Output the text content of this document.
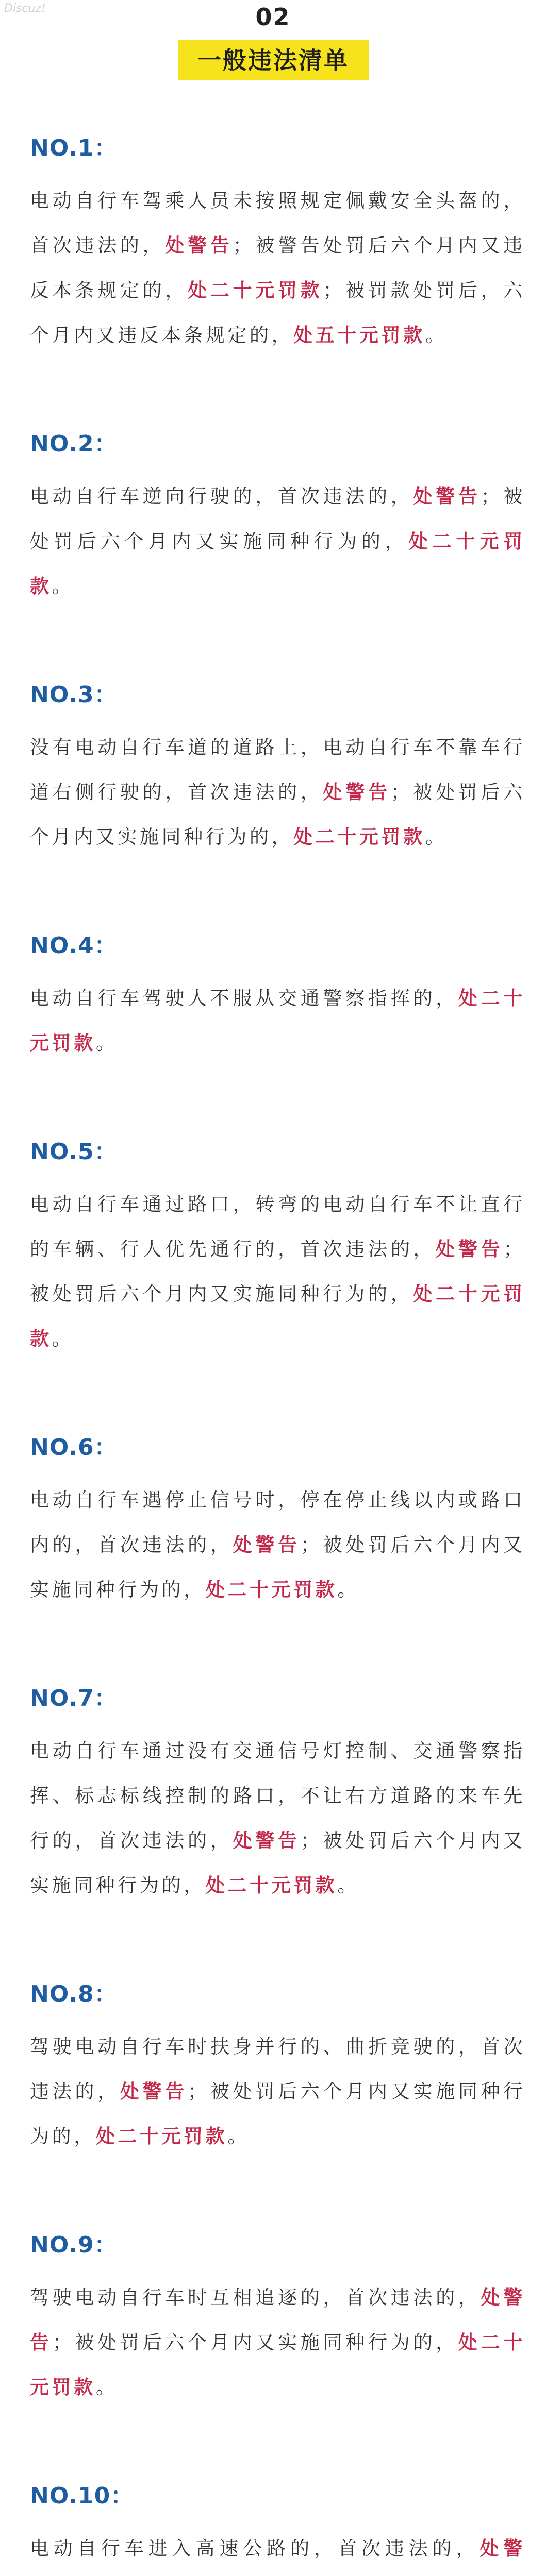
Discuz!	02
一般违法清单
NO.1：

电动自行车驾乘人员未按照规定佩戴安全头盔的，首次违法的，处警告；被警告处罚后六个月内又违反本条规定的，处二十元罚款；被罚款处罚后，六个月内又违反本条规定的，处五十元罚款。

NO.2：

电动自行车逆向行驶的，首次违法的，处警告；被处罚后六个月内又实施同种行为的，处二十元罚款。

NO.3：

没有电动自行车道的道路上，电动自行车不靠车行道右侧行驶的，首次违法的，处警告；被处罚后六个月内又实施同种行为的，处二十元罚款。

NO.4：

电动自行车驾驶人不服从交通警察指挥的，处二十元罚款。

NO.5：

电动自行车通过路口，转弯的电动自行车不让直行的车辆、行人优先通行的，首次违法的，处警告；被处罚后六个月内又实施同种行为的，处二十元罚款。

NO.6：

电动自行车遇停止信号时，停在停止线以内或路口内的，首次违法的，处警告；被处罚后六个月内又实施同种行为的，处二十元罚款。

NO.7：

电动自行车通过没有交通信号灯控制、交通警察指挥、标志标线控制的路口，不让右方道路的来车先行的，首次违法的，处警告；被处罚后六个月内又实施同种行为的，处二十元罚款。

NO.8：

驾驶电动自行车时扶身并行的、曲折竞驶的，首次违法的，处警告；被处罚后六个月内又实施同种行为的，处二十元罚款。

NO.9：

驾驶电动自行车时互相追逐的，首次违法的，处警告；被处罚后六个月内又实施同种行为的，处二十元罚款。

NO.10：

电动自行车进入高速公路的，首次违法的，处警
